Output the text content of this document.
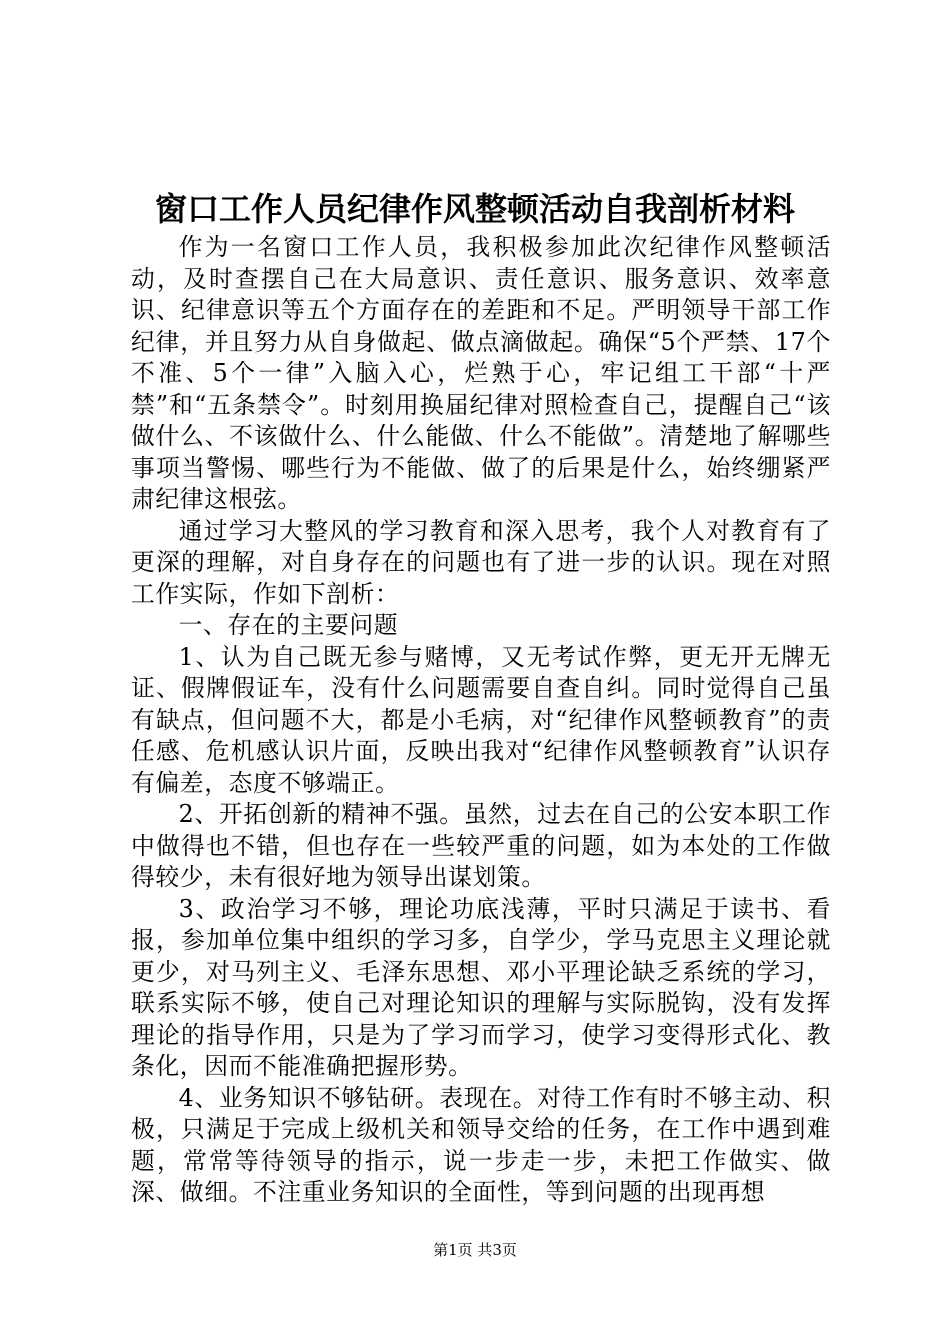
窗口工作人员纪律作风整顿活动自我剖析材料

作为一名窗口工作人员，我积极参加此次纪律作风整顿活动，及时查摆自己在大局意识、责任意识、服务意识、效率意识、纪律意识等五个方面存在的差距和不足。严明领导干部工作纪律，并且努力从自身做起、做点滴做起。确保“5个严禁、17个不准、5个一律”入脑入心，烂熟于心，牢记组工干部“十严禁”和“五条禁令”。时刻用换届纪律对照检查自己，提醒自己“该做什么、不该做什么、什么能做、什么不能做”。清楚地了解哪些事项当警惕、哪些行为不能做、做了的后果是什么，始终绷紧严肃纪律这根弦。

通过学习大整风的学习教育和深入思考，我个人对教育有了更深的理解，对自身存在的问题也有了进一步的认识。现在对照工作实际，作如下剖析：

一、存在的主要问题

1、认为自己既无参与赌博，又无考试作弊，更无开无牌无证、假牌假证车，没有什么问题需要自查自纠。同时觉得自己虽有缺点，但问题不大，都是小毛病，对“纪律作风整顿教育”的责任感、危机感认识片面，反映出我对“纪律作风整顿教育”认识存有偏差，态度不够端正。

2、开拓创新的精神不强。虽然，过去在自己的公安本职工作中做得也不错，但也存在一些较严重的问题，如为本处的工作做得较少，未有很好地为领导出谋划策。

3、政治学习不够，理论功底浅薄，平时只满足于读书、看报，参加单位集中组织的学习多，自学少，学马克思主义理论就更少，对马列主义、毛泽东思想、邓小平理论缺乏系统的学习，联系实际不够，使自己对理论知识的理解与实际脱钩，没有发挥理论的指导作用，只是为了学习而学习，使学习变得形式化、教条化，因而不能准确把握形势。

4、业务知识不够钻研。表现在。对待工作有时不够主动、积极，只满足于完成上级机关和领导交给的任务，在工作中遇到难题，常常等待领导的指示，说一步走一步，未把工作做实、做深、做细。不注重业务知识的全面性，等到问题的出现再想

第1页 共3页
